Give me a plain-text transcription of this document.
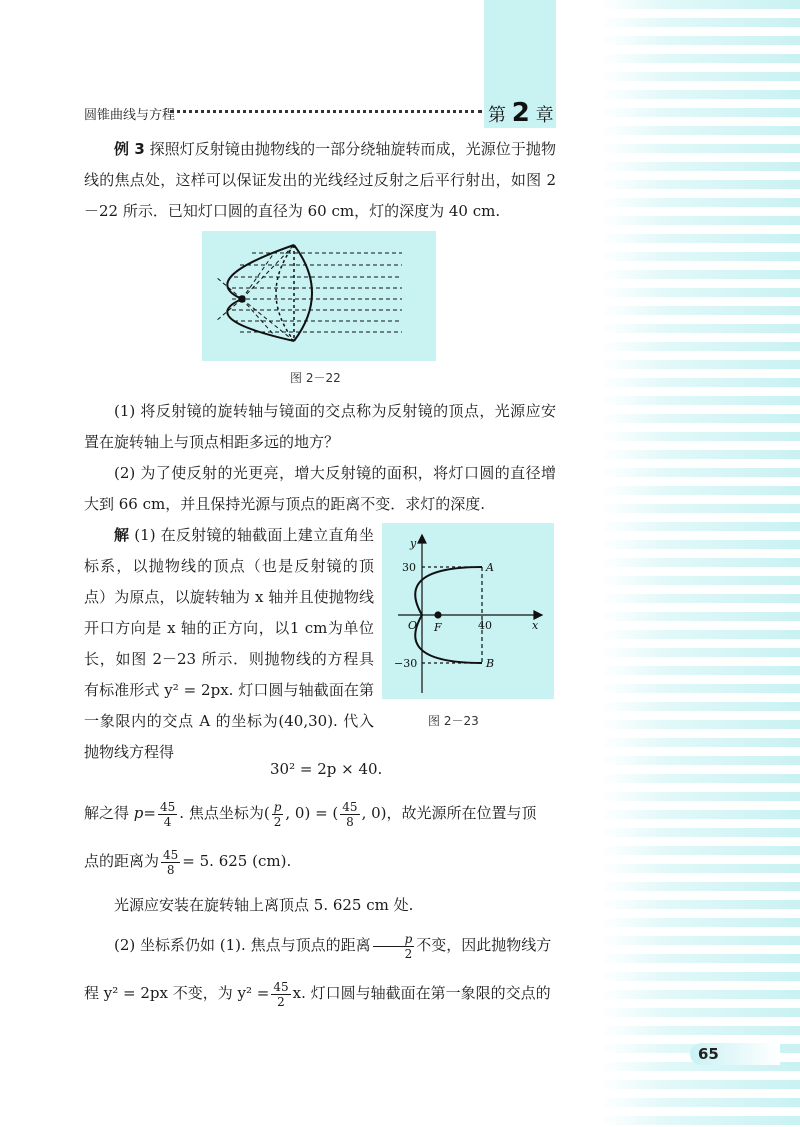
圆锥曲线与方程	第 2 章
例 3 探照灯反射镜由抛物线的一部分绕轴旋转而成，光源位于抛物线的焦点处，这样可以保证发出的光线经过反射之后平行射出，如图 2－22 所示．已知灯口圆的直径为 60 cm，灯的深度为 40 cm.
图 2－22
(1) 将反射镜的旋转轴与镜面的交点称为反射镜的顶点，光源应安置在旋转轴上与顶点相距多远的地方？
(2) 为了使反射的光更亮，增大反射镜的面积，将灯口圆的直径增大到 66 cm，并且保持光源与顶点的距离不变．求灯的深度.
解 (1) 在反射镜的轴截面上建立直角坐标系，以抛物线的顶点（也是反射镜的顶点）为原点，以旋转轴为 x 轴并且使抛物线开口方向是 x 轴的正方向，以1 cm为单位长，如图 2－23 所示．则抛物线的方程具有标准形式 y² = 2px. 灯口圆与轴截面在第一象限内的交点 A 的坐标为(40,30). 代入抛物线方程得
y
x
O F
A
B
30
−30
40
图 2－23
30² = 2p × 40.
解之得 $p= \frac{45}{4}$ . 焦点坐标为( $\frac{p}{2}$ , 0) = ( $\frac{45}{8}$ , 0)，故光源所在位置与顶
点的距离为 $\frac{45}{8} = 5$. 625 (cm).
光源应安装在旋转轴上离顶点 5. 625 cm 处.
(2) 坐标系仍如 (1). 焦点与顶点的距离 $\frac{p}{2}$ 不变，因此抛物线方
程 y² = 2px 不变，为 $y^2 = \frac{45}{2} x$. 灯口圆与轴截面在第一象限的交点的
65
